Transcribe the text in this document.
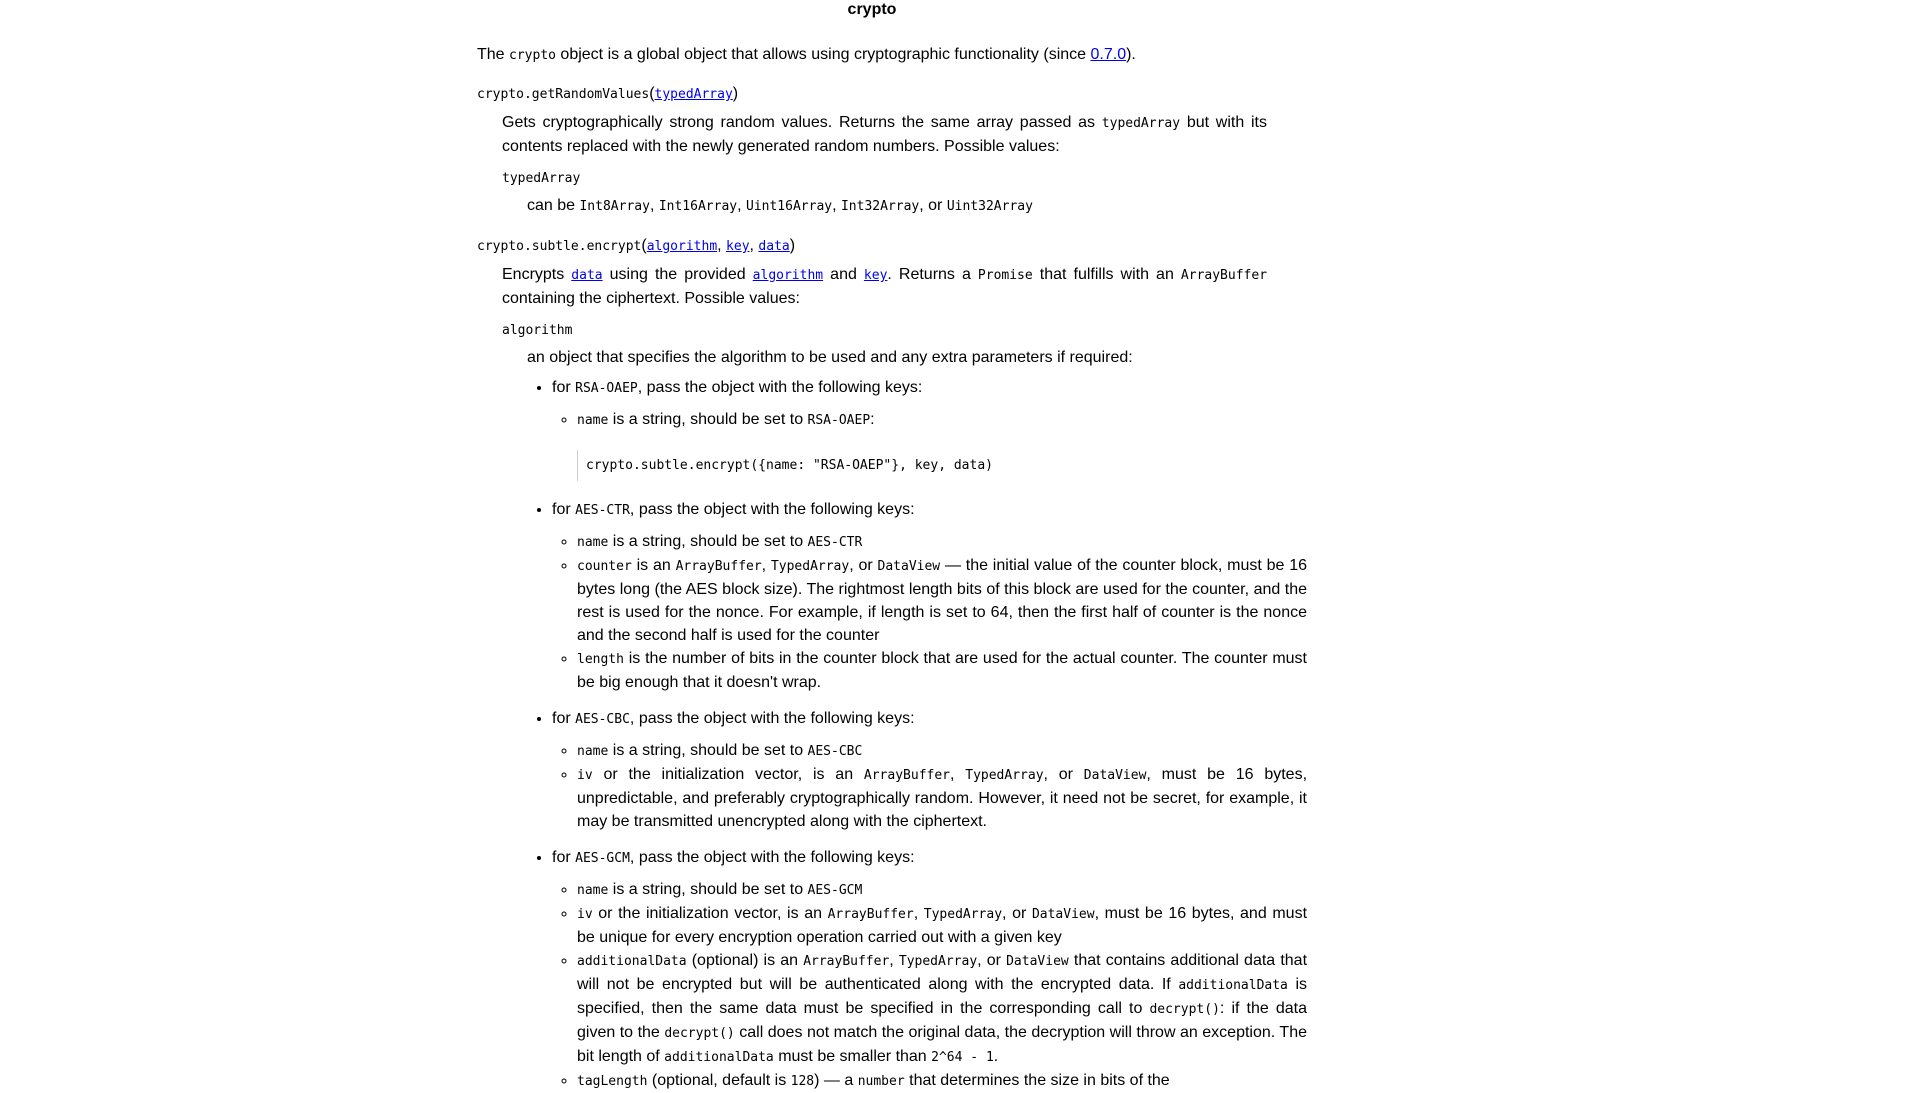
crypto

The crypto object is a global object that allows using cryptographic functionality (since 0.7.0).

crypto.getRandomValues(typedArray)

Gets cryptographically strong random values. Returns the same array passed as typedArray but with its contents replaced with the newly generated random numbers. Possible values:

typedArray
can be Int8Array, Int16Array, Uint16Array, Int32Array, or Uint32Array
crypto.subtle.encrypt(algorithm, key, data)

Encrypts data using the provided algorithm and key. Returns a Promise that fulfills with an ArrayBuffer containing the ciphertext. Possible values:

algorithm
an object that specifies the algorithm to be used and any extra parameters if required:
• for RSA-OAEP, pass the object with the following keys:
◦ name is a string, should be set to RSA-OAEP:
crypto.subtle.encrypt({name: "RSA-OAEP"}, key, data)
• for AES-CTR, pass the object with the following keys:
◦ name is a string, should be set to AES-CTR
◦ counter is an ArrayBuffer, TypedArray, or DataView — the initial value of the counter block, must be 16 bytes long (the AES block size). The rightmost length bits of this block are used for the counter, and the rest is used for the nonce. For example, if length is set to 64, then the first half of counter is the nonce and the second half is used for the counter
◦ length is the number of bits in the counter block that are used for the actual counter. The counter must be big enough that it doesn't wrap.
• for AES-CBC, pass the object with the following keys:
◦ name is a string, should be set to AES-CBC
◦ iv or the initialization vector, is an ArrayBuffer, TypedArray, or DataView, must be 16 bytes, unpredictable, and preferably cryptographically random. However, it need not be secret, for example, it may be transmitted unencrypted along with the ciphertext.
• for AES-GCM, pass the object with the following keys:
◦ name is a string, should be set to AES-GCM
◦ iv or the initialization vector, is an ArrayBuffer, TypedArray, or DataView, must be 16 bytes, and must be unique for every encryption operation carried out with a given key
◦ additionalData (optional) is an ArrayBuffer, TypedArray, or DataView that contains additional data that will not be encrypted but will be authenticated along with the encrypted data. If additionalData is specified, then the same data must be specified in the corresponding call to decrypt(): if the data given to the decrypt() call does not match the original data, the decryption will throw an exception. The bit length of additionalData must be smaller than 2^64 - 1.
◦ tagLength (optional, default is 128) — a number that determines the size in bits of the
